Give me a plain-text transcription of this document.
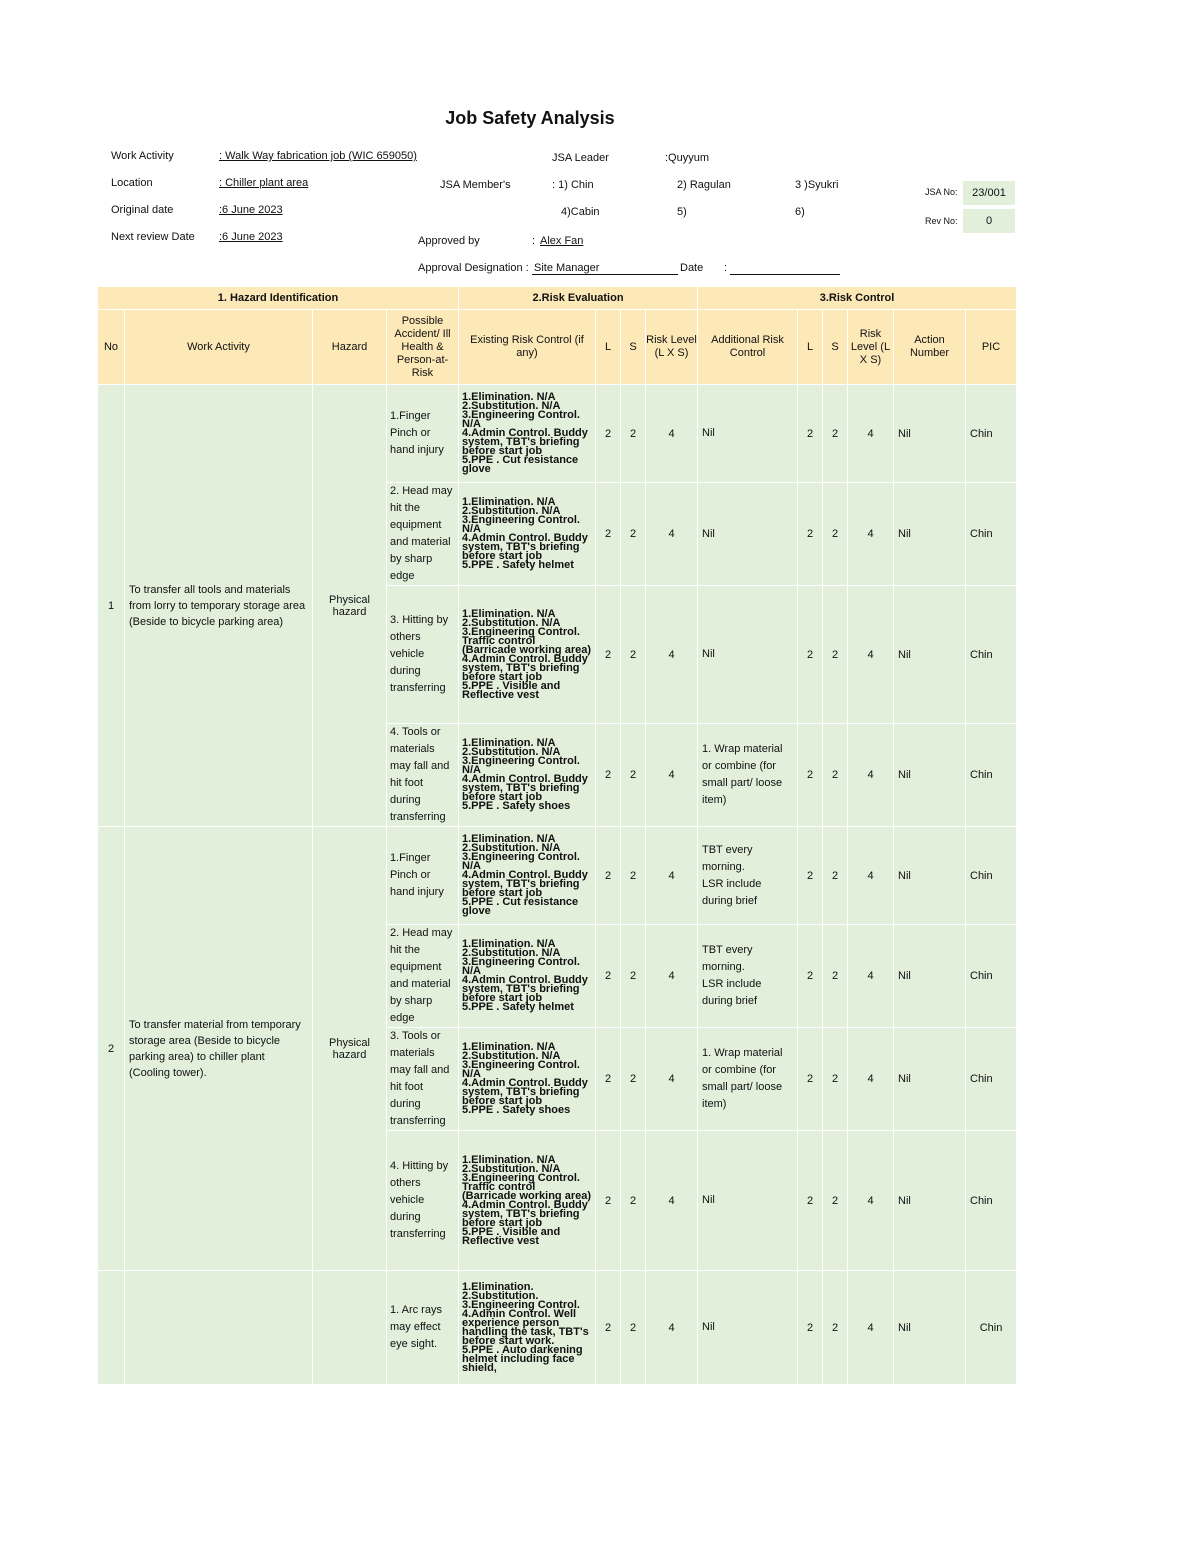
Job Safety Analysis
Work Activity	: Walk Way fabrication job (WIC 659050)
Location	: Chiller plant area
Original date	:6 June 2023
Next review Date :6 June 2023
JSA Leader	:Quyyum
JSA Member's	: 1) Chin	2) Ragulan	3 )Syukri
4)Cabin	5)	6)
Approved by	: Alex Fan
Approval Designation : Site Manager	Date :
JSA No:	23/001
Rev No:	0
1. Hazard Identification				2.Risk Evaluation				3.Risk Control					
No	Work Activity	Hazard	Possible Accident/ Ill Health & Person-at-Risk	Existing Risk Control (if any)	L	S	Risk Level (L X S)	Additional Risk Control	L	S	Risk Level (L X S)	Action Number	PIC
1	To transfer all tools and materials from lorry to temporary storage area (Beside to bicycle parking area)	Physical hazard	1.Finger Pinch or hand injury	1.Elimination. N/A
2.Substitution. N/A
3.Engineering Control. N/A
4.Admin Control. Buddy system, TBT's briefing before start job
5.PPE . Cut resistance glove	2	2	4	Nil	2	2	4	Nil	Chin
			2. Head may hit the equipment and material by sharp edge	1.Elimination. N/A
2.Substitution. N/A
3.Engineering Control. N/A
4.Admin Control. Buddy system, TBT's briefing before start job
5.PPE . Safety helmet	2	2	4	Nil	2	2	4	Nil	Chin
			3. Hitting by others vehicle during transferring	1.Elimination. N/A
2.Substitution. N/A
3.Engineering Control. Traffic control (Barricade working area)
4.Admin Control. Buddy system, TBT's briefing before start job
5.PPE . Visible and Reflective vest	2	2	4	Nil	2	2	4	Nil	Chin
			4. Tools or materials may fall and hit foot during transferring	1.Elimination. N/A
2.Substitution. N/A
3.Engineering Control. N/A
4.Admin Control. Buddy system, TBT's briefing before start job
5.PPE . Safety shoes	2	2	4	1. Wrap material or combine (for small part/ loose item)	2	2	4	Nil	Chin
2	To transfer material from temporary storage area (Beside to bicycle parking area) to chiller plant (Cooling tower).	Physical hazard	1.Finger Pinch or hand injury	1.Elimination. N/A
2.Substitution. N/A
3.Engineering Control. N/A
4.Admin Control. Buddy system, TBT's briefing before start job
5.PPE . Cut resistance glove	2	2	4	TBT every morning.
LSR include during brief	2	2	4	Nil	Chin
			2. Head may hit the equipment and material by sharp edge	1.Elimination. N/A
2.Substitution. N/A
3.Engineering Control. N/A
4.Admin Control. Buddy system, TBT's briefing before start job
5.PPE . Safety helmet	2	2	4	TBT every morning.
LSR include during brief	2	2	4	Nil	Chin
			3. Tools or materials may fall and hit foot during transferring	1.Elimination. N/A
2.Substitution. N/A
3.Engineering Control. N/A
4.Admin Control. Buddy system, TBT's briefing before start job
5.PPE . Safety shoes	2	2	4	1. Wrap material or combine (for small part/ loose item)	2	2	4	Nil	Chin
			4. Hitting by others vehicle during transferring	1.Elimination. N/A
2.Substitution. N/A
3.Engineering Control. Traffic control (Barricade working area)
4.Admin Control. Buddy system, TBT's briefing before start job
5.PPE . Visible and Reflective vest	2	2	4	Nil	2	2	4	Nil	Chin
			1. Arc rays may effect eye sight.	1.Elimination.
2.Substitution.
3.Engineering Control.
4.Admin Control. Well experience person handling the task, TBT's before start work.
5.PPE . Auto darkening helmet including face shield,	2	2	4	Nil	2	2	4	Nil	Chin
